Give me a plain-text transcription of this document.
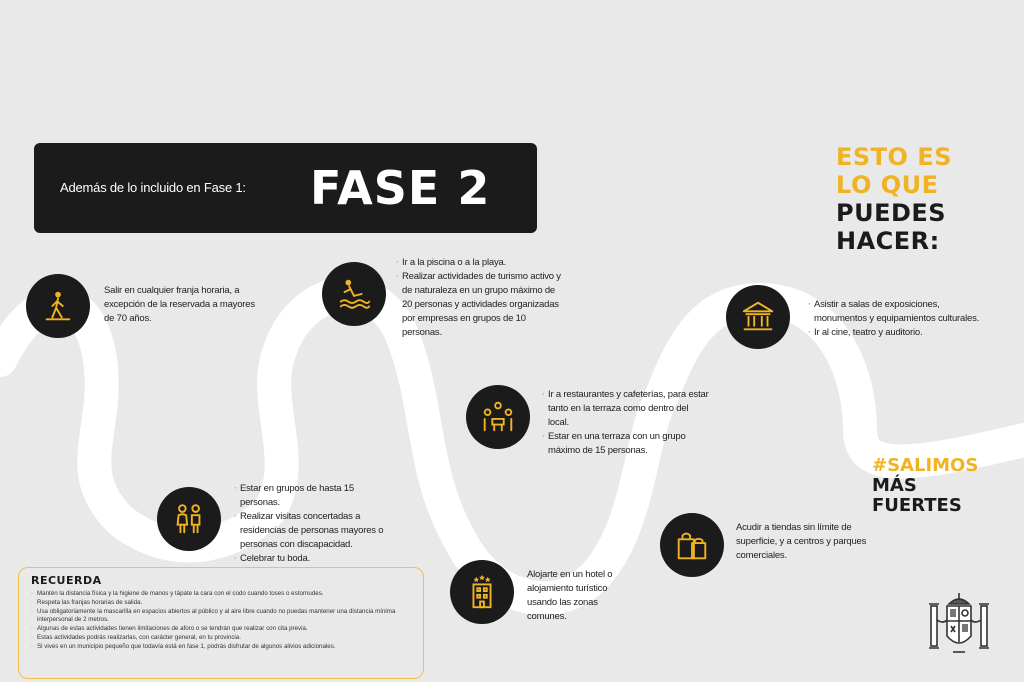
Además de lo incluido en Fase 1: FASE 2
ESTO ES
LO QUE
PUEDES
HACER:
#SALIMOS
MÁS
FUERTES
Salir en cualquier franja horaria, a excepción de la reservada a mayores de 70 años.
· Ir a la piscina o a la playa.
· Realizar actividades de turismo activo y de naturaleza en un grupo máximo de 20 personas y actividades organizadas por empresas en grupos de 10 personas.
· Asistir a salas de exposiciones, monumentos y equipamientos culturales.
· Ir al cine, teatro y auditorio.
· Ir a restaurantes y cafeterías, para estar tanto en la terraza como dentro del local.
· Estar en una terraza con un grupo máximo de 15 personas.
· Estar en grupos de hasta 15 personas.
· Realizar visitas concertadas a residencias de personas mayores o personas con discapacidad.
· Celebrar tu boda.
Alojarte en un hotel o alojamiento turístico usando las zonas comunes.
Acudir a tiendas sin límite de superficie, y a centros y parques comerciales.
RECUERDA
· Mantén la distancia física y la higiene de manos y tápate la cara con el codo cuando toses o estornudes.
· Respeta las franjas horarias de salida.
· Usa obligatoriamente la mascarilla en espacios abiertos al público y al aire libre cuando no puedas mantener una distancia mínima interpersonal de 2 metros.
· Algunas de estas actividades tienen limitaciones de aforo o se tendrán que realizar con cita previa.
· Estas actividades podrás realizarlas, con carácter general, en tu provincia.
· Si vives en un municipio pequeño que todavía está en fase 1, podrás disfrutar de algunos alivios adicionales.
